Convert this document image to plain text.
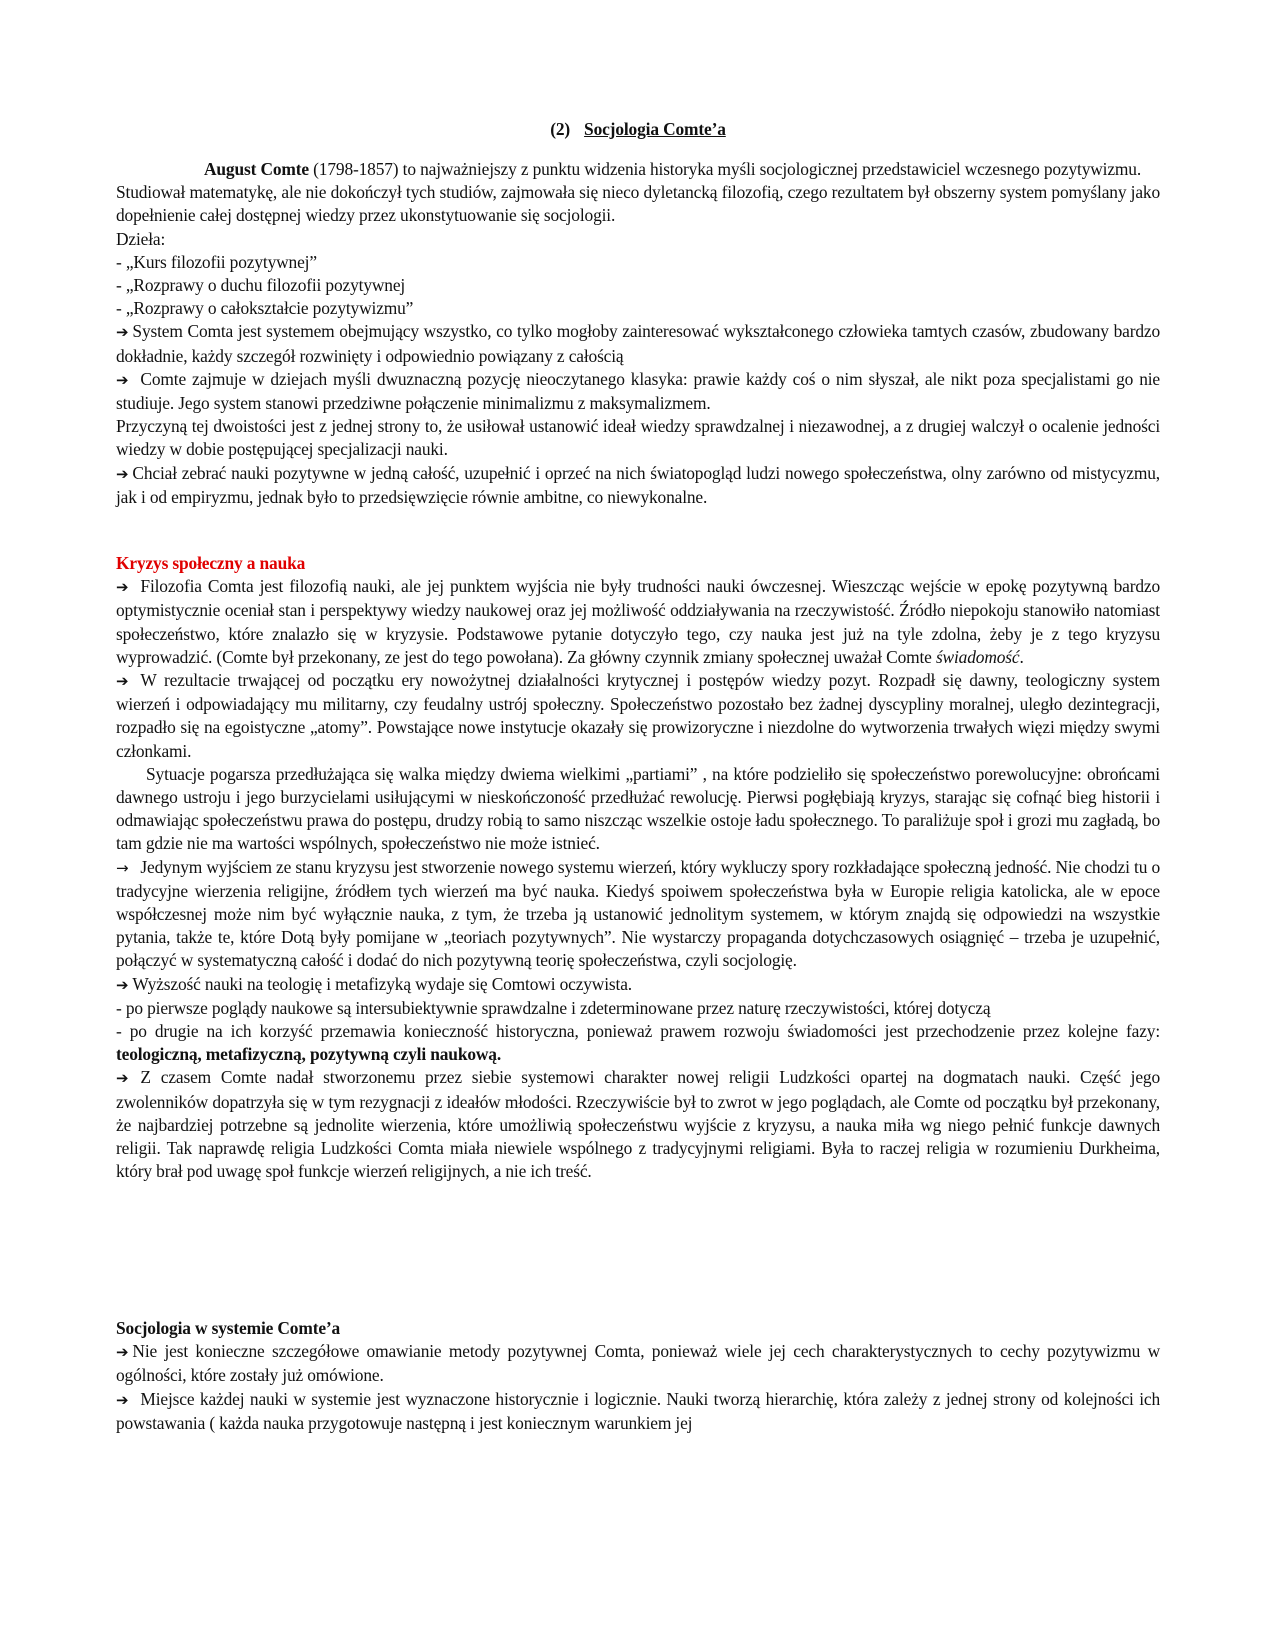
(2) Socjologia Comte’a

August Comte (1798-1857) to najważniejszy z punktu widzenia historyka myśli socjologicznej przedstawiciel wczesnego pozytywizmu.

Studiował matematykę, ale nie dokończył tych studiów, zajmowała się nieco dyletancką filozofią, czego rezultatem był obszerny system pomyślany jako dopełnienie całej dostępnej wiedzy przez ukonstytuowanie się socjologii.

Dzieła:

- „Kurs filozofii pozytywnej”

- „Rozprawy o duchu filozofii pozytywnej

- „Rozprawy o całokształcie pozytywizmu”

➔ System Comta jest systemem obejmujący wszystko, co tylko mogłoby zainteresować wykształconego człowieka tamtych czasów, zbudowany bardzo dokładnie, każdy szczegół rozwinięty i odpowiednio powiązany z całością

➔ Comte zajmuje w dziejach myśli dwuznaczną pozycję nieoczytanego klasyka: prawie każdy coś o nim słyszał, ale nikt poza specjalistami go nie studiuje. Jego system stanowi przedziwne połączenie minimalizmu z maksymalizmem.

Przyczyną tej dwoistości jest z jednej strony to, że usiłował ustanowić ideał wiedzy sprawdzalnej i niezawodnej, a z drugiej walczył o ocalenie jedności wiedzy w dobie postępującej specjalizacji nauki.

➔ Chciał zebrać nauki pozytywne w jedną całość, uzupełnić i oprzeć na nich światopogląd ludzi nowego społeczeństwa, olny zarówno od mistycyzmu, jak i od empiryzmu, jednak było to przedsięwzięcie równie ambitne, co niewykonalne.

Kryzys społeczny a nauka

➔ Filozofia Comta jest filozofią nauki, ale jej punktem wyjścia nie były trudności nauki ówczesnej. Wieszcząc wejście w epokę pozytywną bardzo optymistycznie oceniał stan i perspektywy wiedzy naukowej oraz jej możliwość oddziaływania na rzeczywistość. Źródło niepokoju stanowiło natomiast społeczeństwo, które znalazło się w kryzysie. Podstawowe pytanie dotyczyło tego, czy nauka jest już na tyle zdolna, żeby je z tego kryzysu wyprowadzić. (Comte był przekonany, ze jest do tego powołana). Za główny czynnik zmiany społecznej uważał Comte świadomość.

➔ W rezultacie trwającej od początku ery nowożytnej działalności krytycznej i postępów wiedzy pozyt. Rozpadł się dawny, teologiczny system wierzeń i odpowiadający mu militarny, czy feudalny ustrój społeczny. Społeczeństwo pozostało bez żadnej dyscypliny moralnej, uległo dezintegracji, rozpadło się na egoistyczne „atomy”. Powstające nowe instytucje okazały się prowizoryczne i niezdolne do wytworzenia trwałych więzi między swymi członkami.

Sytuacje pogarsza przedłużająca się walka między dwiema wielkimi „partiami” , na które podzieliło się społeczeństwo porewolucyjne: obrońcami dawnego ustroju i jego burzycielami usiłującymi w nieskończoność przedłużać rewolucję. Pierwsi pogłębiają kryzys, starając się cofnąć bieg historii i odmawiając społeczeństwu prawa do postępu, drudzy robią to samo niszcząc wszelkie ostoje ładu społecznego. To paraliżuje społ i grozi mu zagładą, bo tam gdzie nie ma wartości wspólnych, społeczeństwo nie może istnieć.

→ Jedynym wyjściem ze stanu kryzysu jest stworzenie nowego systemu wierzeń, który wykluczy spory rozkładające społeczną jedność. Nie chodzi tu o tradycyjne wierzenia religijne, źródłem tych wierzeń ma być nauka. Kiedyś spoiwem społeczeństwa była w Europie religia katolicka, ale w epoce współczesnej może nim być wyłącznie nauka, z tym, że trzeba ją ustanowić jednolitym systemem, w którym znajdą się odpowiedzi na wszystkie pytania, także te, które Dotą były pomijane w „teoriach pozytywnych”. Nie wystarczy propaganda dotychczasowych osiągnięć – trzeba je uzupełnić, połączyć w systematyczną całość i dodać do nich pozytywną teorię społeczeństwa, czyli socjologię.

➔ Wyższość nauki na teologię i metafizyką wydaje się Comtowi oczywista.

- po pierwsze poglądy naukowe są intersubiektywnie sprawdzalne i zdeterminowane przez naturę rzeczywistości, której dotyczą

- po drugie na ich korzyść przemawia konieczność historyczna, ponieważ prawem rozwoju świadomości jest przechodzenie przez kolejne fazy: teologiczną, metafizyczną, pozytywną czyli naukową.

➔ Z czasem Comte nadał stworzonemu przez siebie systemowi charakter nowej religii Ludzkości opartej na dogmatach nauki. Część jego zwolenników dopatrzyła się w tym rezygnacji z ideałów młodości. Rzeczywiście był to zwrot w jego poglądach, ale Comte od początku był przekonany, że najbardziej potrzebne są jednolite wierzenia, które umożliwią społeczeństwu wyjście z kryzysu, a nauka miła wg niego pełnić funkcje dawnych religii. Tak naprawdę religia Ludzkości Comta miała niewiele wspólnego z tradycyjnymi religiami. Była to raczej religia w rozumieniu Durkheima, który brał pod uwagę społ funkcje wierzeń religijnych, a nie ich treść.

Socjologia w systemie Comte’a

➔ Nie jest konieczne szczegółowe omawianie metody pozytywnej Comta, ponieważ wiele jej cech charakterystycznych to cechy pozytywizmu w ogólności, które zostały już omówione.

➔ Miejsce każdej nauki w systemie jest wyznaczone historycznie i logicznie. Nauki tworzą hierarchię, która zależy z jednej strony od kolejności ich powstawania ( każda nauka przygotowuje następną i jest koniecznym warunkiem jej
